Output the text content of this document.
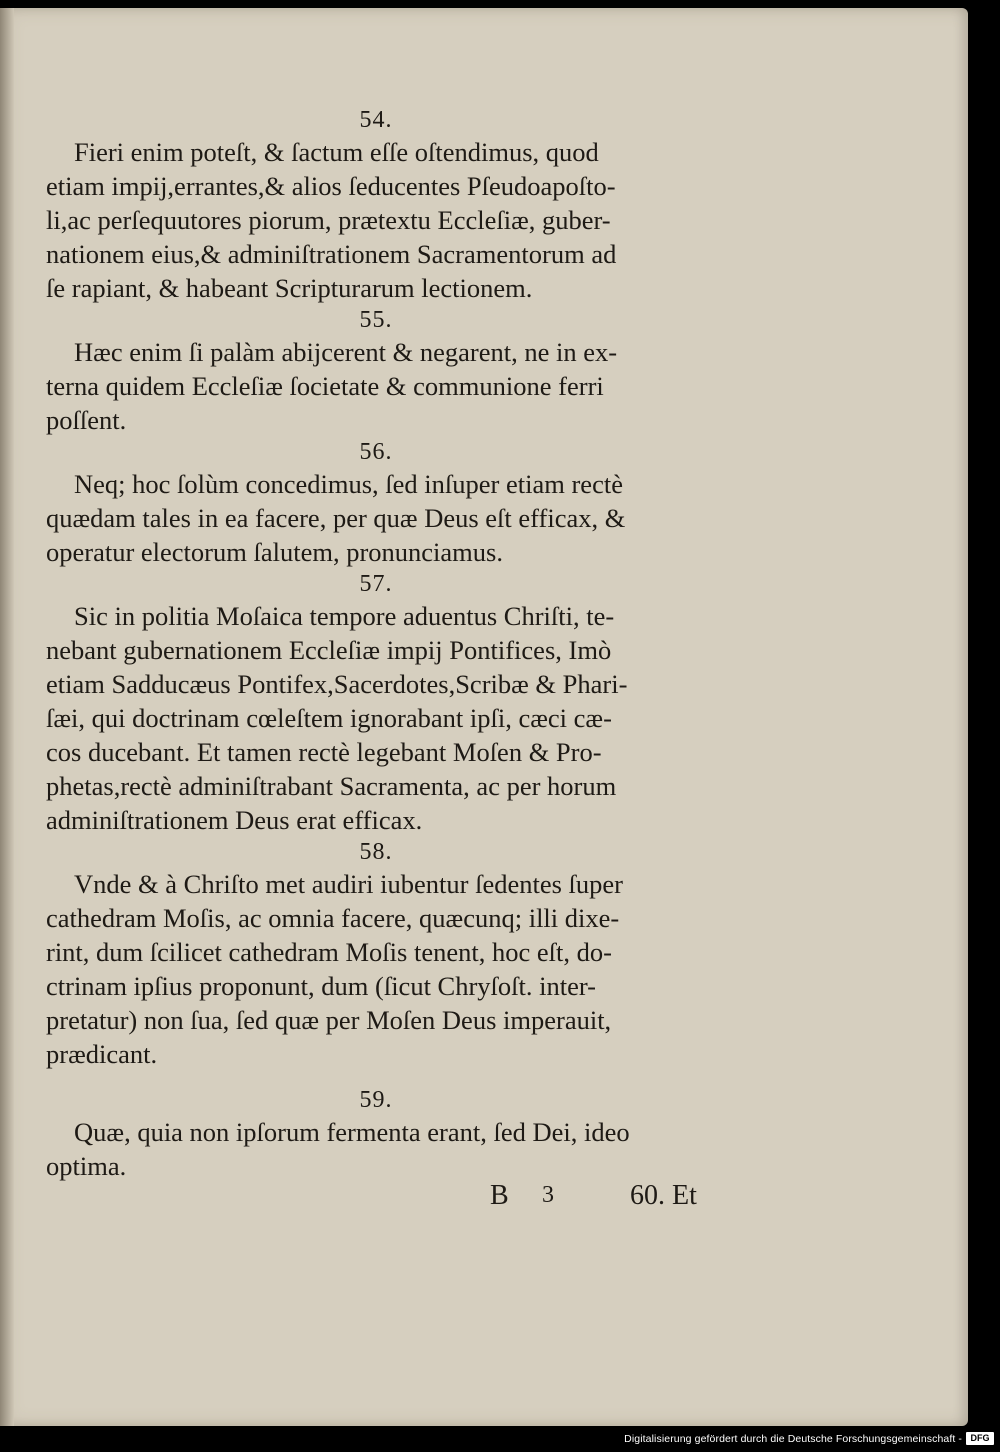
54.
Fieri enim poteſt, & ſactum eſſe oſtendimus, quod
etiam impij,errantes,& alios ſeducentes Pſeudoapoſto-
li,ac perſequutores piorum, prætextu Eccleſiæ, guber-
nationem eius,& adminiſtrationem Sacramentorum ad
ſe rapiant, & habeant Scripturarum lectionem.
55.
Hæc enim ſi palàm abijcerent & negarent, ne in ex-
terna quidem Eccleſiæ ſocietate & communione ferri
poſſent.
56.
Neq; hoc ſolùm concedimus, ſed inſuper etiam rectè
quædam tales in ea facere, per quæ Deus eſt efficax, &
operatur electorum ſalutem, pronunciamus.
57.
Sic in politia Moſaica tempore aduentus Chriſti, te-
nebant gubernationem Eccleſiæ impij Pontifices, Imò
etiam Sadducæus Pontifex,Sacerdotes,Scribæ & Phari-
ſæi, qui doctrinam cœleſtem ignorabant ipſi, cæci cæ-
cos ducebant. Et tamen rectè legebant Moſen & Pro-
phetas,rectè adminiſtrabant Sacramenta, ac per horum
adminiſtrationem Deus erat efficax.
58.
Vnde & à Chriſto met audiri iubentur ſedentes ſuper
cathedram Moſis, ac omnia facere, quæcunq; illi dixe-
rint, dum ſcilicet cathedram Moſis tenent, hoc eſt, do-
ctrinam ipſius proponunt, dum (ſicut Chryſoſt. inter-
pretatur) non ſua, ſed quæ per Moſen Deus imperauit,
prædicant.
59.
Quæ, quia non ipſorum fermenta erant, ſed Dei, ideo
optima.
B 3	60. Et
Digitalisierung gefördert durch die Deutsche Forschungsgemeinschaft - DFG
